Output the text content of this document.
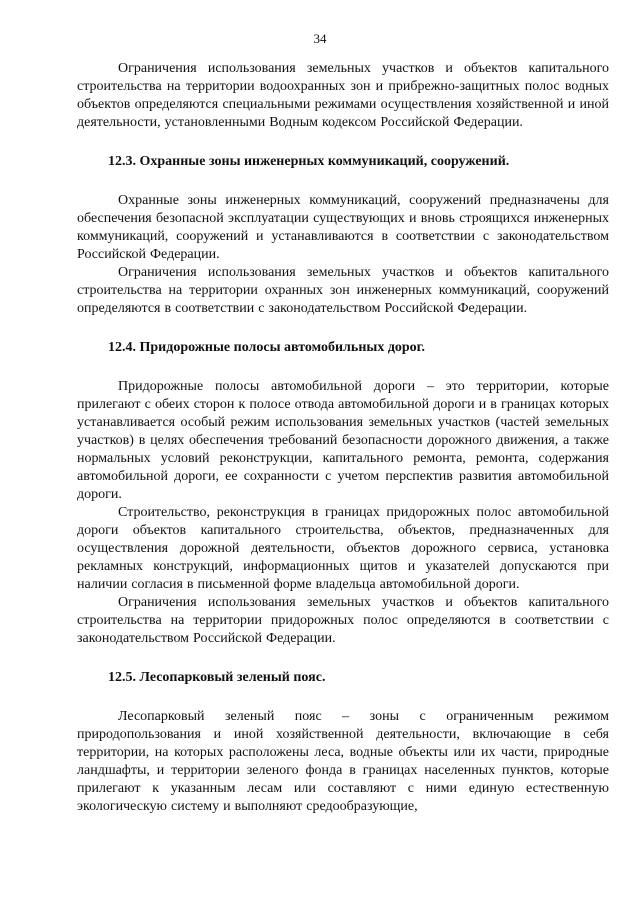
34

Ограничения использования земельных участков и объектов капитального строительства на территории водоохранных зон и прибрежно-защитных полос водных объектов определяются специальными режимами осуществления хозяйственной и иной деятельности, установленными Водным кодексом Российской Федерации.

12.3. Охранные зоны инженерных коммуникаций, сооружений.

Охранные зоны инженерных коммуникаций, сооружений предназначены для обеспечения безопасной эксплуатации существующих и вновь строящихся инженерных коммуникаций, сооружений и устанавливаются в соответствии с законодательством Российской Федерации.

Ограничения использования земельных участков и объектов капитального строительства на территории охранных зон инженерных коммуникаций, сооружений определяются в соответствии с законодательством Российской Федерации.

12.4. Придорожные полосы автомобильных дорог.

Придорожные полосы автомобильной дороги – это территории, которые прилегают с обеих сторон к полосе отвода автомобильной дороги и в границах которых устанавливается особый режим использования земельных участков (частей земельных участков) в целях обеспечения требований безопасности дорожного движения, а также нормальных условий реконструкции, капитального ремонта, ремонта, содержания автомобильной дороги, ее сохранности с учетом перспектив развития автомобильной дороги.

Строительство, реконструкция в границах придорожных полос автомобильной дороги объектов капитального строительства, объектов, предназначенных для осуществления дорожной деятельности, объектов дорожного сервиса, установка рекламных конструкций, информационных щитов и указателей допускаются при наличии согласия в письменной форме владельца автомобильной дороги.

Ограничения использования земельных участков и объектов капитального строительства на территории придорожных полос определяются в соответствии с законодательством Российской Федерации.

12.5. Лесопарковый зеленый пояс.

Лесопарковый зеленый пояс – зоны с ограниченным режимом природопользования и иной хозяйственной деятельности, включающие в себя территории, на которых расположены леса, водные объекты или их части, природные ландшафты, и территории зеленого фонда в границах населенных пунктов, которые прилегают к указанным лесам или составляют с ними единую естественную экологическую систему и выполняют средообразующие,
